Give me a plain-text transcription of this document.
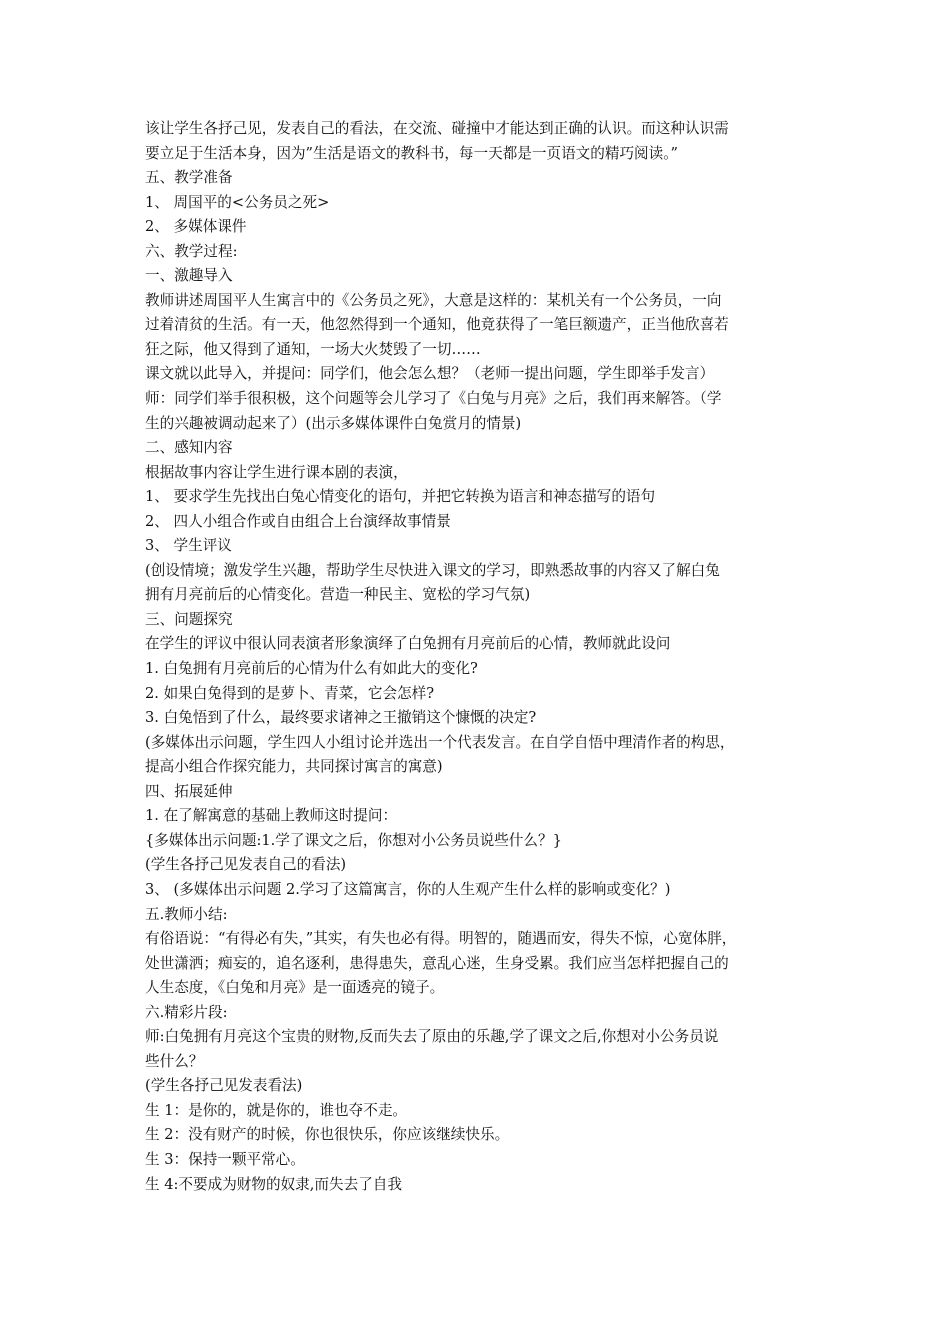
该让学生各抒己见，发表自己的看法，在交流、碰撞中才能达到正确的认识。而这种认识需
要立足于生活本身，因为”生活是语文的教科书，每一天都是一页语文的精巧阅读。”
五、教学准备
1、 周国平的<公务员之死>
2、 多媒体课件
六、教学过程:
一、激趣导入
教师讲述周国平人生寓言中的《公务员之死》，大意是这样的：某机关有一个公务员，一向
过着清贫的生活。有一天，他忽然得到一个通知，他竟获得了一笔巨额遗产，正当他欣喜若
狂之际，他又得到了通知，一场大火焚毁了一切……
课文就以此导入，并提问：同学们，他会怎么想？（老师一提出问题，学生即举手发言）
师：同学们举手很积极，这个问题等会儿学习了《白兔与月亮》之后，我们再来解答。（学
生的兴趣被调动起来了）(出示多媒体课件白兔赏月的情景)
二、感知内容
根据故事内容让学生进行课本剧的表演，
1、 要求学生先找出白兔心情变化的语句，并把它转换为语言和神态描写的语句
2、 四人小组合作或自由组合上台演绎故事情景
3、 学生评议
(创设情境；激发学生兴趣，帮助学生尽快进入课文的学习，即熟悉故事的内容又了解白兔
拥有月亮前后的心情变化。营造一种民主、宽松的学习气氛)
三、问题探究
在学生的评议中很认同表演者形象演绎了白兔拥有月亮前后的心情，教师就此设问
1. 白兔拥有月亮前后的心情为什么有如此大的变化?
2. 如果白兔得到的是萝卜、青菜，它会怎样?
3. 白兔悟到了什么，最终要求诸神之王撤销这个慷慨的决定?
(多媒体出示问题，学生四人小组讨论并选出一个代表发言。在自学自悟中理清作者的构思，
提高小组合作探究能力，共同探讨寓言的寓意)
四、拓展延伸
1. 在了解寓意的基础上教师这时提问：
{多媒体出示问题:1.学了课文之后，你想对小公务员说些什么？}
(学生各抒己见发表自己的看法)
3、 (多媒体出示问题 2.学习了这篇寓言，你的人生观产生什么样的影响或变化？)
五.教师小结:
有俗语说：“有得必有失，”其实，有失也必有得。明智的，随遇而安，得失不惊，心宽体胖，
处世潇洒；痴妄的，追名逐利，患得患失，意乱心迷，生身受累。我们应当怎样把握自己的
人生态度，《白兔和月亮》是一面透亮的镜子。
六.精彩片段:
师:白兔拥有月亮这个宝贵的财物,反而失去了原由的乐趣,学了课文之后,你想对小公务员说
些什么？
(学生各抒己见发表看法)
生 1：是你的，就是你的，谁也夺不走。
生 2：没有财产的时候，你也很快乐，你应该继续快乐。
生 3：保持一颗平常心。
生 4:不要成为财物的奴隶,而失去了自我
